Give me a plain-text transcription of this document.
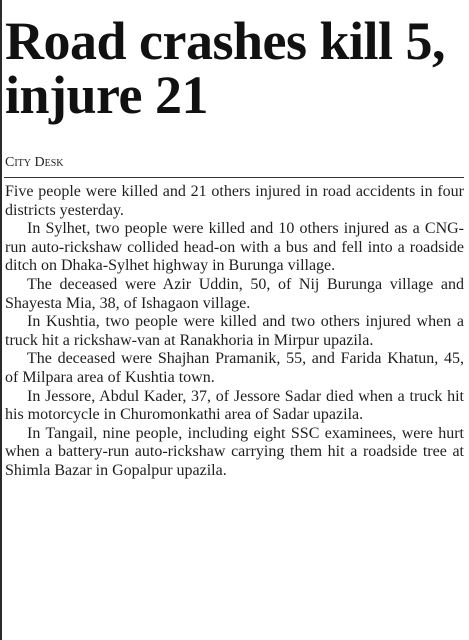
Road crashes kill 5,
injure 21
City Desk

Five people were killed and 21 others injured in road accidents in four districts yesterday.

In Sylhet, two people were killed and 10 others injured as a CNG-run auto-rickshaw collided head-on with a bus and fell into a roadside ditch on Dhaka-Sylhet highway in Burunga village.

The deceased were Azir Uddin, 50, of Nij Burunga village and Shayesta Mia, 38, of Ishagaon village.

In Kushtia, two people were killed and two others injured when a truck hit a rickshaw-van at Ranakhoria in Mirpur upazila.

The deceased were Shajhan Pramanik, 55, and Farida Khatun, 45, of Milpara area of Kushtia town.

In Jessore, Abdul Kader, 37, of Jessore Sadar died when a truck hit his motorcycle in Churomonkathi area of Sadar upazila.

In Tangail, nine people, including eight SSC examinees, were hurt when a battery-run auto-rickshaw carrying them hit a roadside tree at Shimla Bazar in Gopalpur upazila.
